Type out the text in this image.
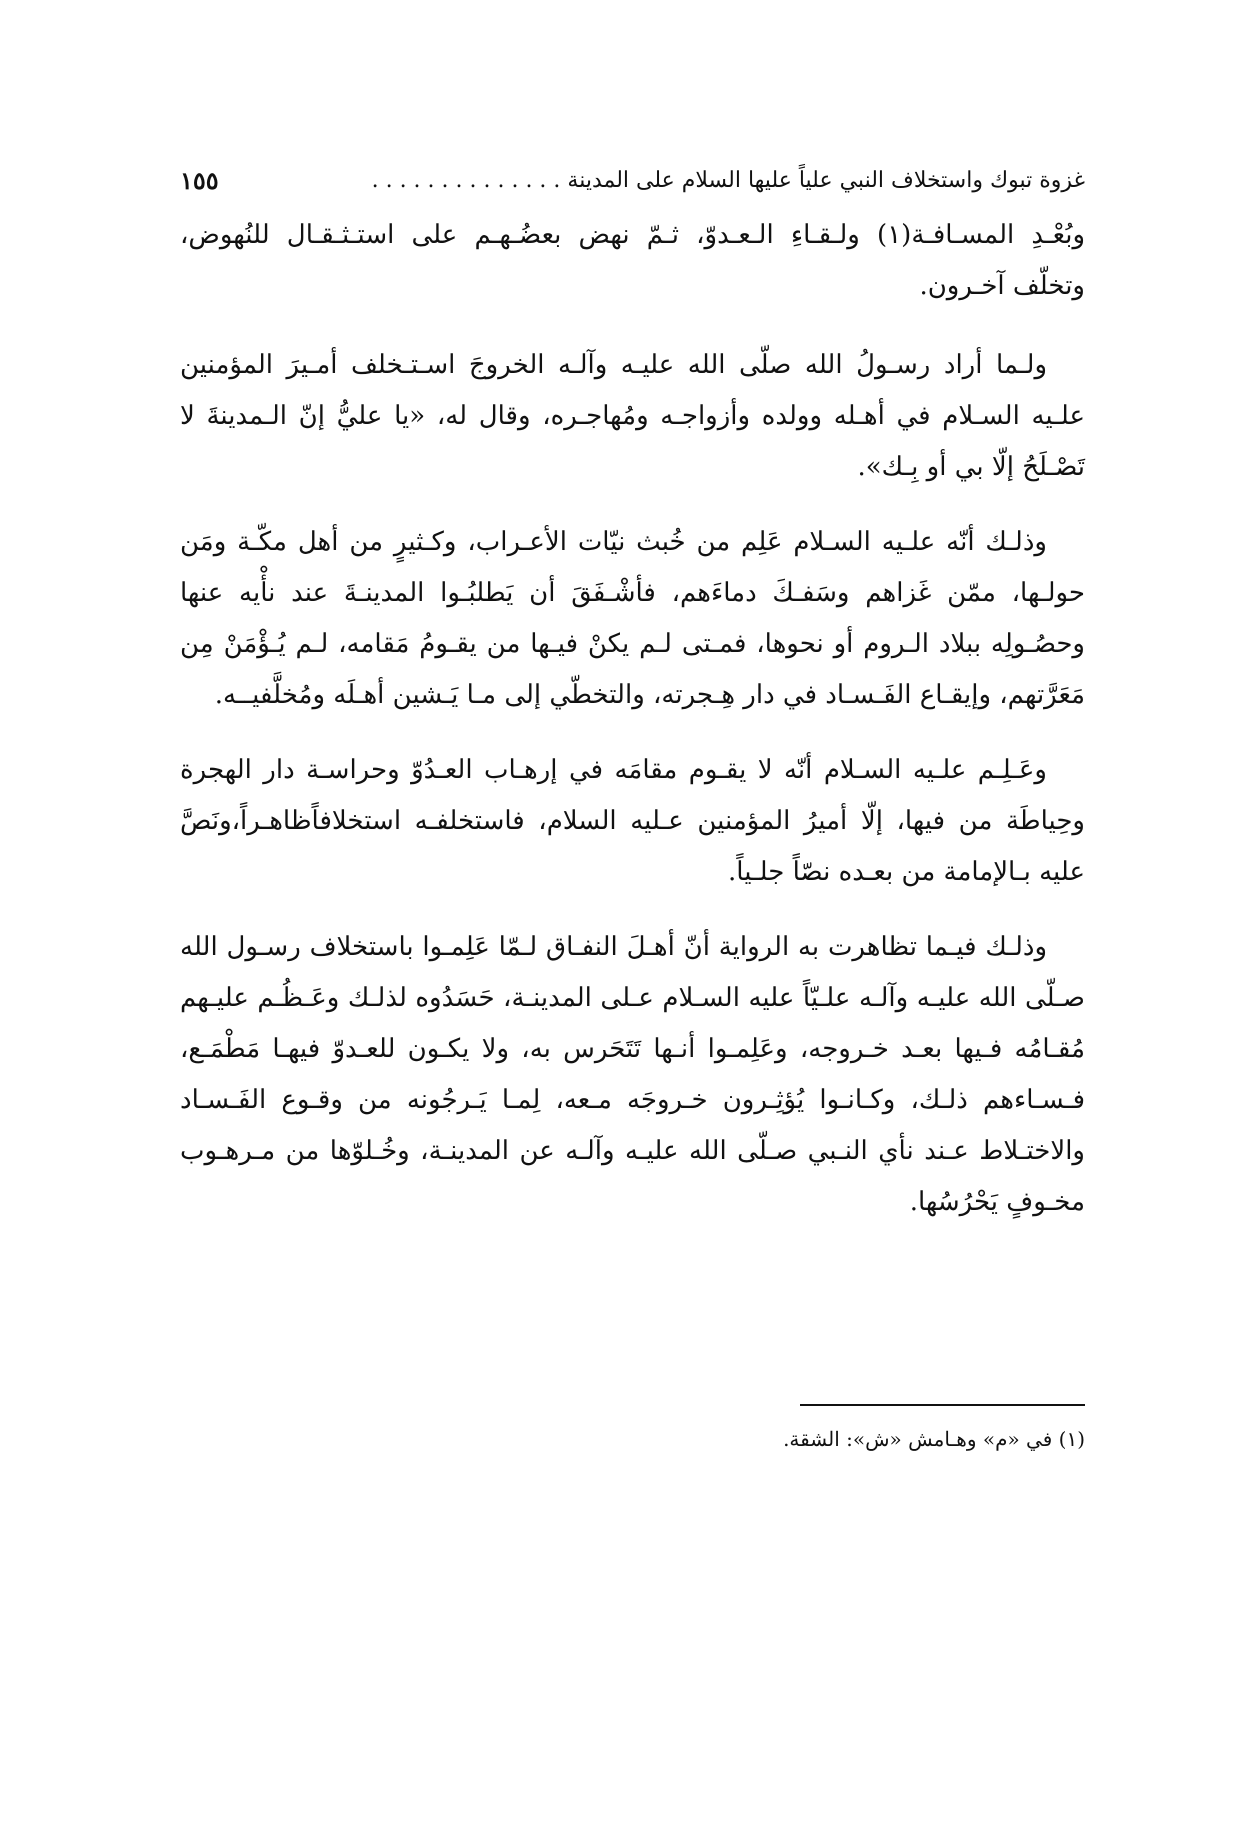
غزوة تبوك واستخلاف النبي علياً عليها السلام على المدينة . . . . . . . . . . . . . .
١٥٥

وبُعْـدِ المسـافـة(١) ولـقـاءِ الـعـدوّ، ثـمّ نهض بعضُـهـم على استـثـقـال للنُهوض، وتخلّف آخـرون.

ولـما أراد رسـولُ الله صلّى الله عليـه وآلـه الخروجَ اسـتـخلف أمـيرَ المؤمنين علـيه السـلام في أهـله وولده وأزواجـه ومُهاجـره، وقال له، «يا عليُّ إنّ الـمدينةَ لا تَصْـلَحُ إلّا بي أو بِـك».

وذلـك أنّه علـيه السـلام عَلِم من خُبث نيّات الأعـراب، وكـثيرٍ من أهل مكّـة ومَن حولـها، ممّن غَزاهم وسَفـكَ دماءَهم، فأشْـفَقَ أن يَطلبُـوا المدينـةَ عند نأْيه عنها وحصُـولِه ببلاد الـروم أو نحوها، فمـتى لـم يكنْ فيـها من يقـومُ مَقامه، لـم يُـؤْمَنْ مِن مَعَرَّتهم، وإيقـاع الفَـسـاد في دار هِـجرته، والتخطّي إلى مـا يَـشين أهـلَه ومُخلَّفيــه.

وعَـلِـم علـيه السـلام أنّه لا يقـوم مقامَه في إرهـاب العـدُوّ وحراسـة دار الهجرة وحِياطَة من فيها، إلّا أميرُ المؤمنين عـليه السلام، فاستخلفـه استخلافاًظاهـراً،ونَصَّ عليه بـالإمامة من بعـده نصّاً جلـياً.

وذلـك فيـما تظاهرت به الرواية أنّ أهـلَ النفـاق لـمّا عَلِمـوا باستخلاف رسـول الله صـلّى الله عليـه وآلـه علـيّاً عليه السـلام عـلى المدينـة، حَسَدُوه لذلـك وعَـظُـم عليـهم مُقـامُه فـيها بعـد خـروجه، وعَلِمـوا أنـها تَتَحَرس به، ولا يكـون للعـدوّ فيهـا مَطْمَـع، فـسـاءهم ذلـك، وكـانـوا يُؤثِـرون خـروجَه مـعه، لِمـا يَـرجُونه من وقـوع الفَـسـاد والاختـلاط عـند نأي النـبي صـلّى الله عليـه وآلـه عن المدينـة، وخُـلوّها من مـرهـوب مخـوفٍ يَحْرُسُها.

(١) في «م» وهـامش «ش»: الشقة.
